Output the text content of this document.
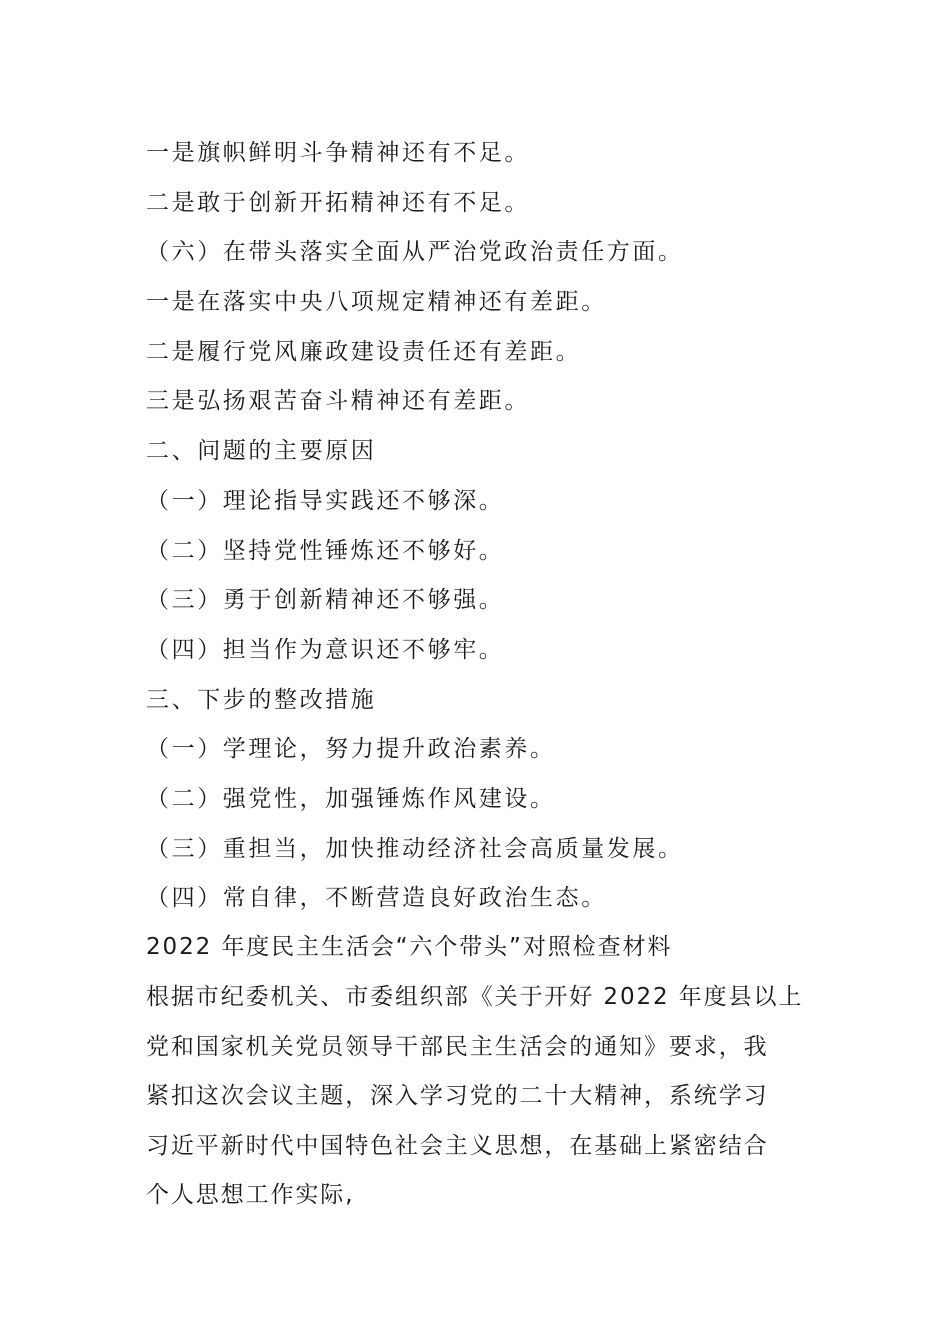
一是旗帜鲜明斗争精神还有不足。
二是敢于创新开拓精神还有不足。
（六）在带头落实全面从严治党政治责任方面。
一是在落实中央八项规定精神还有差距。
二是履行党风廉政建设责任还有差距。
三是弘扬艰苦奋斗精神还有差距。
二、问题的主要原因
（一）理论指导实践还不够深。
（二）坚持党性锤炼还不够好。
（三）勇于创新精神还不够强。
（四）担当作为意识还不够牢。
三、下步的整改措施
（一）学理论，努力提升政治素养。
（二）强党性，加强锤炼作风建设。
（三）重担当，加快推动经济社会高质量发展。
（四）常自律，不断营造良好政治生态。
2022 年度民主生活会“六个带头”对照检查材料
根据市纪委机关、市委组织部《关于开好 2022 年度县以上
党和国家机关党员领导干部民主生活会的通知》要求，我
紧扣这次会议主题，深入学习党的二十大精神，系统学习
习近平新时代中国特色社会主义思想，在基础上紧密结合
个人思想工作实际,
